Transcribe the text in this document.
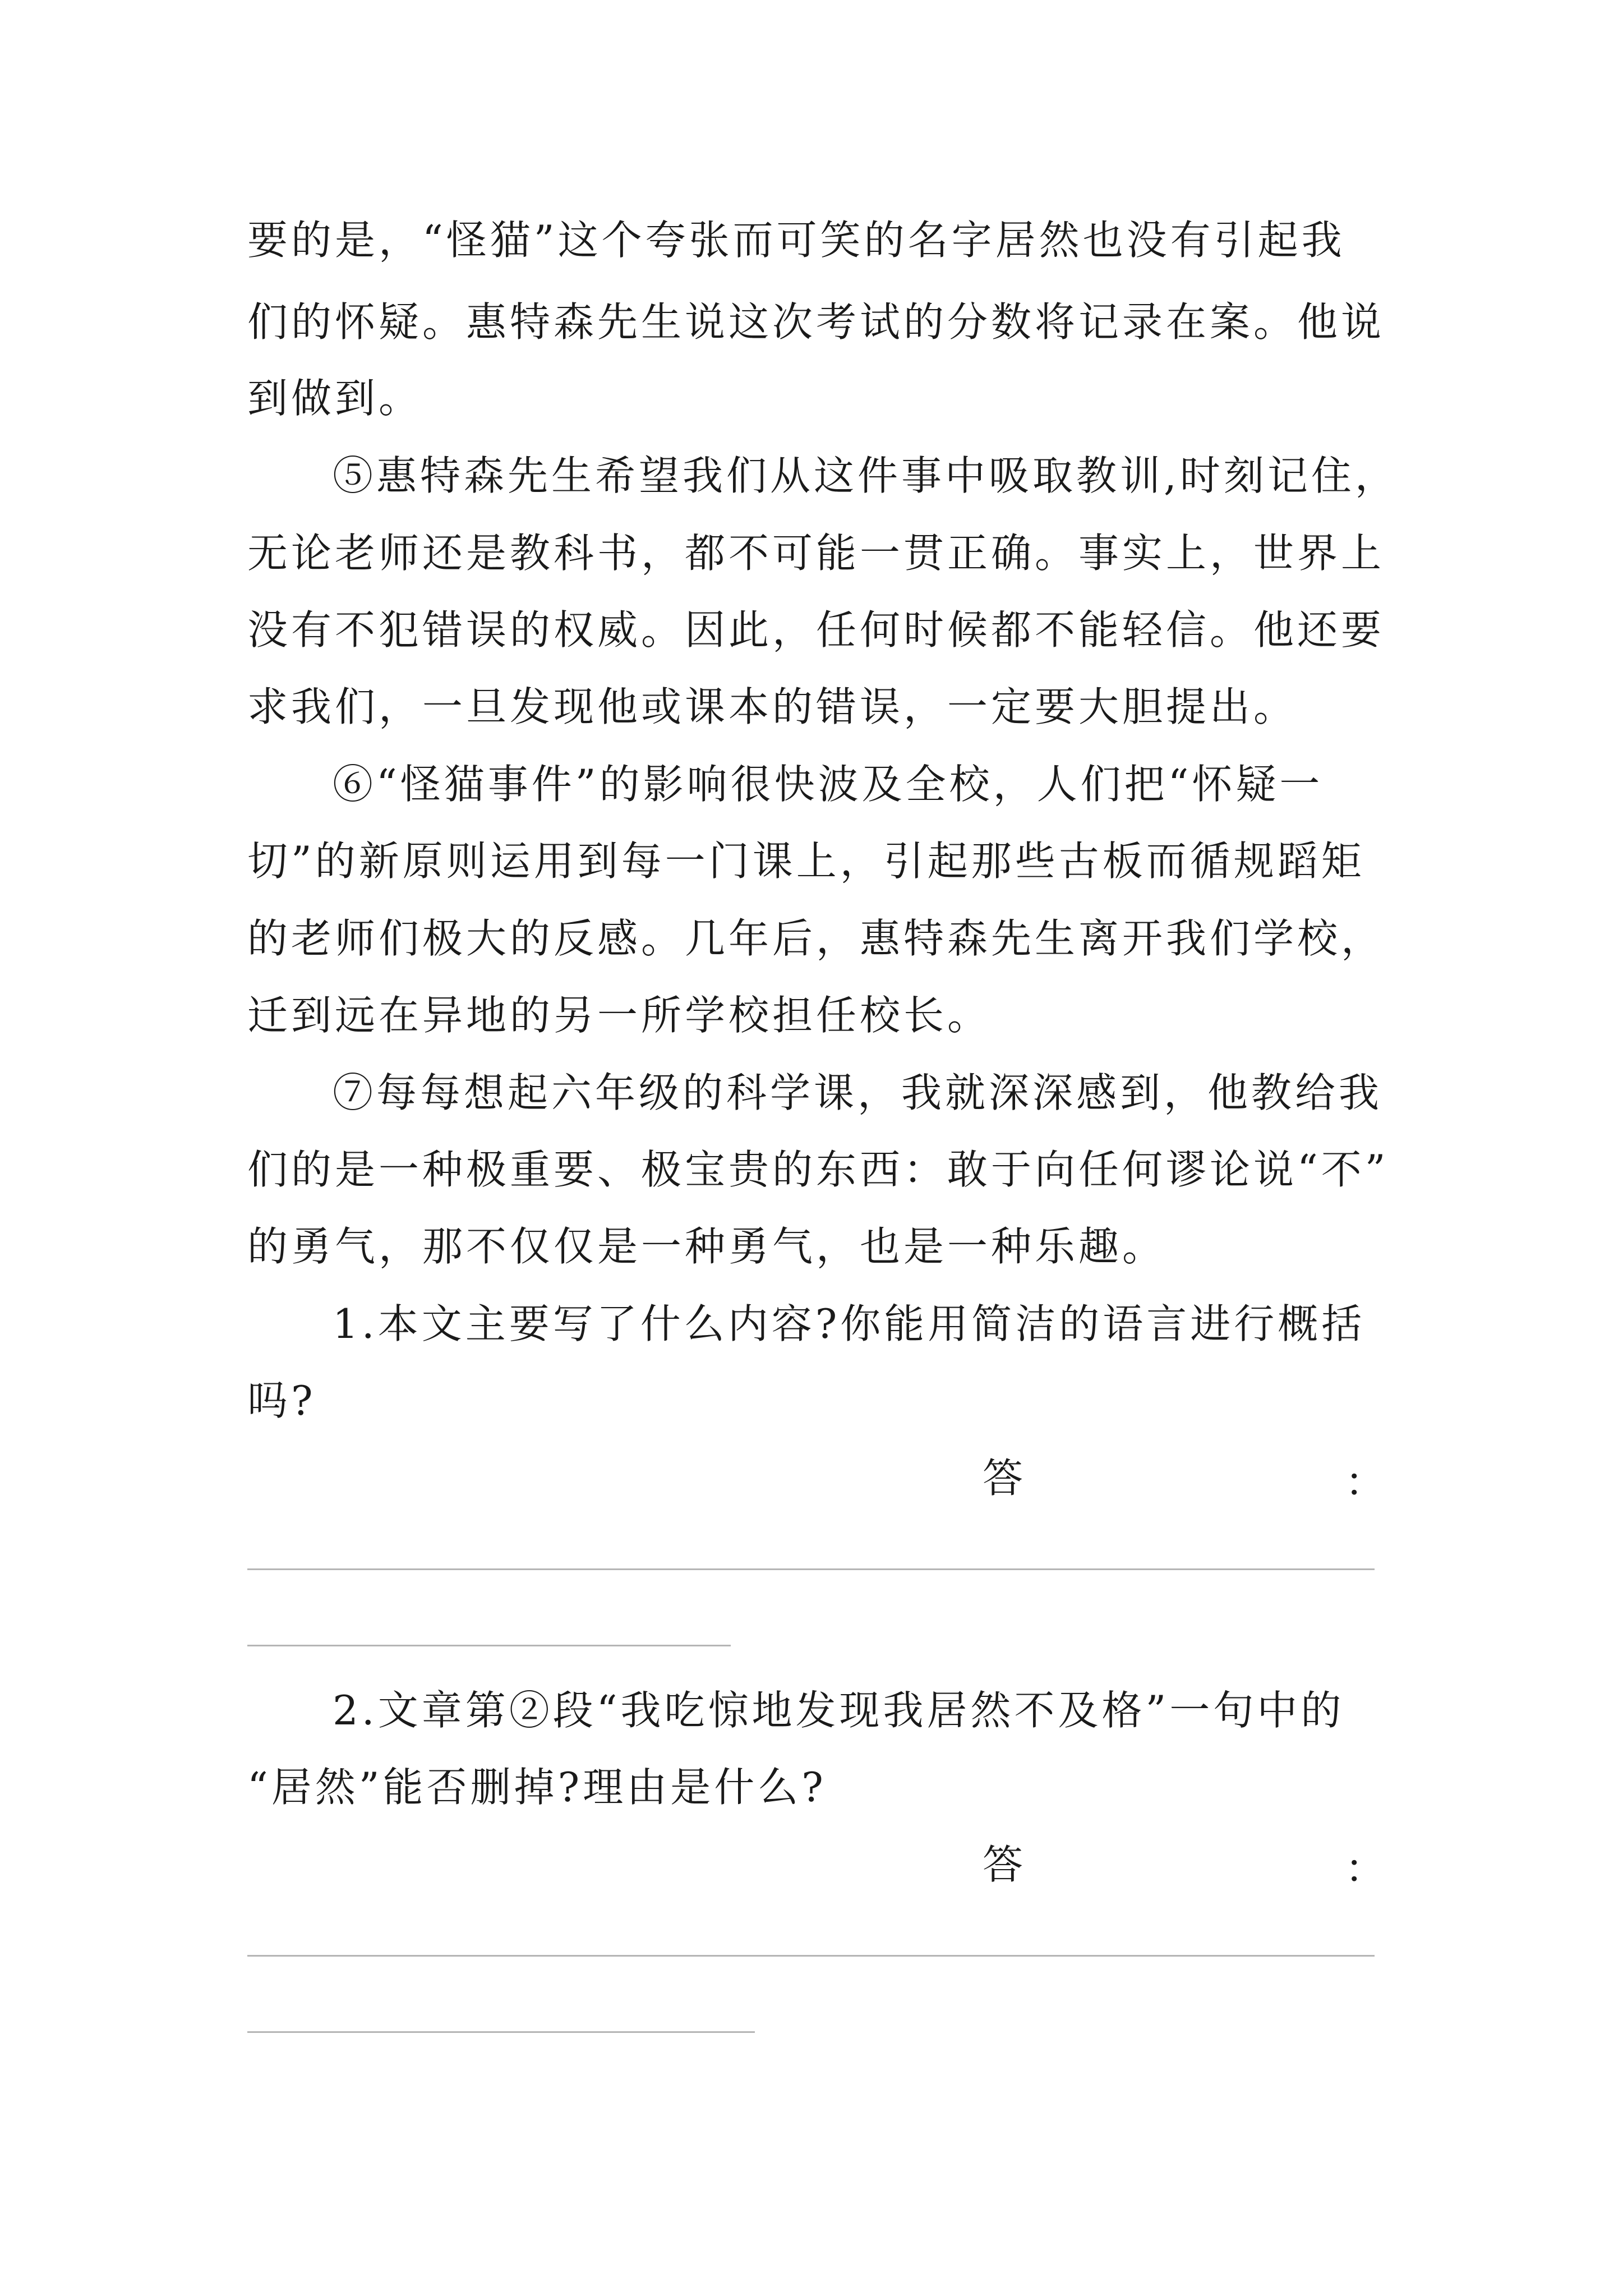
要的是，“怪猫”这个夸张而可笑的名字居然也没有引起我
们的怀疑。惠特森先生说这次考试的分数将记录在案。他说
到做到。
⑤惠特森先生希望我们从这件事中吸取教训,时刻记住，
无论老师还是教科书，都不可能一贯正确。事实上，世界上
没有不犯错误的权威。因此，任何时候都不能轻信。他还要
求我们，一旦发现他或课本的错误，一定要大胆提出。
⑥“怪猫事件”的影响很快波及全校，人们把“怀疑一
切”的新原则运用到每一门课上，引起那些古板而循规蹈矩
的老师们极大的反感。几年后，惠特森先生离开我们学校，
迁到远在异地的另一所学校担任校长。
⑦每每想起六年级的科学课，我就深深感到，他教给我
们的是一种极重要、极宝贵的东西：敢于向任何谬论说“不”
的勇气，那不仅仅是一种勇气，也是一种乐趣。
1.本文主要写了什么内容?你能用简洁的语言进行概括
吗?
答	：
2.文章第②段“我吃惊地发现我居然不及格”一句中的
“居然”能否删掉?理由是什么?
答	：
